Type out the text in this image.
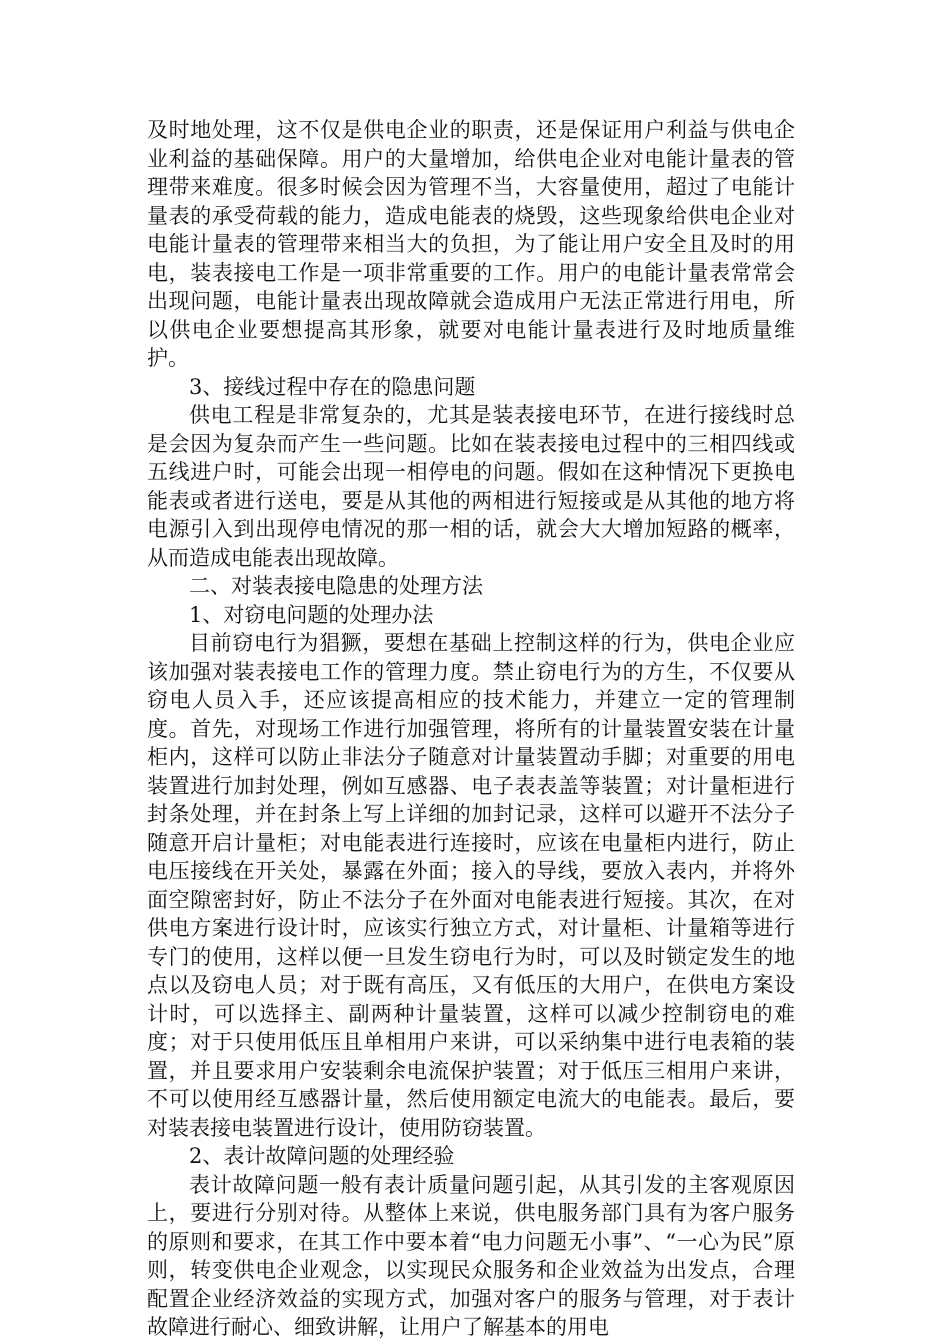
及时地处理，这不仅是供电企业的职责，还是保证用户利益与供电企业利益的基础保障。用户的大量增加，给供电企业对电能计量表的管理带来难度。很多时候会因为管理不当，大容量使用，超过了电能计量表的承受荷载的能力，造成电能表的烧毁，这些现象给供电企业对电能计量表的管理带来相当大的负担，为了能让用户安全且及时的用电，装表接电工作是一项非常重要的工作。用户的电能计量表常常会出现问题，电能计量表出现故障就会造成用户无法正常进行用电，所以供电企业要想提高其形象，就要对电能计量表进行及时地质量维护。

3、接线过程中存在的隐患问题

供电工程是非常复杂的，尤其是装表接电环节，在进行接线时总是会因为复杂而产生一些问题。比如在装表接电过程中的三相四线或五线进户时，可能会出现一相停电的问题。假如在这种情况下更换电能表或者进行送电，要是从其他的两相进行短接或是从其他的地方将电源引入到出现停电情况的那一相的话，就会大大增加短路的概率，从而造成电能表出现故障。

二、对装表接电隐患的处理方法

1、对窃电问题的处理办法

目前窃电行为猖獗，要想在基础上控制这样的行为，供电企业应该加强对装表接电工作的管理力度。禁止窃电行为的方生，不仅要从窃电人员入手，还应该提高相应的技术能力，并建立一定的管理制度。首先，对现场工作进行加强管理，将所有的计量装置安装在计量柜内，这样可以防止非法分子随意对计量装置动手脚；对重要的用电装置进行加封处理，例如互感器、电子表表盖等装置；对计量柜进行封条处理，并在封条上写上详细的加封记录，这样可以避开不法分子随意开启计量柜；对电能表进行连接时，应该在电量柜内进行，防止电压接线在开关处，暴露在外面；接入的导线，要放入表内，并将外面空隙密封好，防止不法分子在外面对电能表进行短接。其次，在对供电方案进行设计时，应该实行独立方式，对计量柜、计量箱等进行专门的使用，这样以便一旦发生窃电行为时，可以及时锁定发生的地点以及窃电人员；对于既有高压，又有低压的大用户，在供电方案设计时，可以选择主、副两种计量装置，这样可以减少控制窃电的难度；对于只使用低压且单相用户来讲，可以采纳集中进行电表箱的装置，并且要求用户安装剩余电流保护装置；对于低压三相用户来讲，不可以使用经互感器计量，然后使用额定电流大的电能表。最后，要对装表接电装置进行设计，使用防窃装置。

2、表计故障问题的处理经验

表计故障问题一般有表计质量问题引起，从其引发的主客观原因上，要进行分别对待。从整体上来说，供电服务部门具有为客户服务的原则和要求，在其工作中要本着“电力问题无小事”、“一心为民”原则，转变供电企业观念，以实现民众服务和企业效益为出发点，合理配置企业经济效益的实现方式，加强对客户的服务与管理，对于表计故障进行耐心、细致讲解，让用户了解基本的用电
